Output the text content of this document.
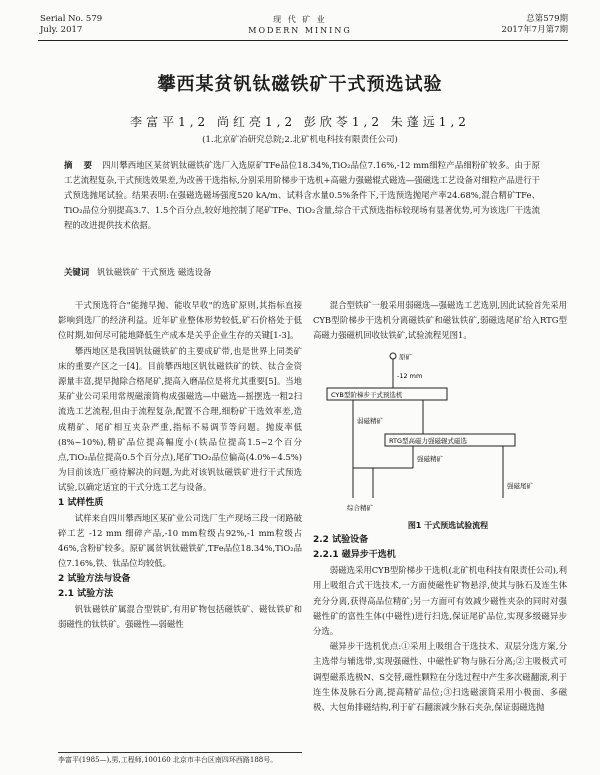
Serial No. 579
July. 2017
现 代 矿 业
MODERN MINING
总第579期
2017年7月第7期
攀西某贫钒钛磁铁矿干式预选试验
李富平1,2 尚红亮1,2 彭欣苓1,2 朱蓬远1,2
(1.北京矿冶研究总院;2.北矿机电科技有限责任公司)
摘 要 四川攀西地区某贫钒钛磁铁矿选厂入选原矿TFe品位18.34%,TiO₂品位7.16%,-12 mm细粒产品细粉矿较多。由于原工艺流程复杂,干式预选效果差,为改善干选指标,分别采用阶梯步干选机+高磁力强磁辊式磁选—强磁选工艺设备对细粒产品进行干式预选抛尾试验。结果表明:在强磁选磁场强度520 kA/m、试料含水量0.5%条件下,干选预选抛尾产率24.68%,混合精矿TFe、TiO₂品位分别提高3.7、1.5个百分点,较好地控制了尾矿TFe、TiO₂含量,综合干式预选指标较现场有显著优势,可为该选厂干选流程的改进提供技术依据。
关键词 钒钛磁铁矿 干式预选 磁选设备

干式预选符合"能抛早抛、能收早收"的选矿原则,其指标直接影响到选厂的经济利益。近年矿业整体形势较低,矿石价格处于低位时期,如何尽可能地降低生产成本是关乎企业生存的关键[1-3]。

攀西地区是我国钒钛磁铁矿的主要成矿带,也是世界上同类矿床的重要产区之一[4]。目前攀西地区钒钛磁铁矿的铁、钛合金资源量丰富,提早抛除合格尾矿,提高入磨品位是将尤其重要[5]。当地某矿业公司采用常规磁滚筒构成强磁选—中磁选—摇摆选一粗2扫流选工艺流程,但由于流程复杂,配置不合理,细粉矿干选效率差,造成精矿、尾矿相互夹杂严重,指标不易调节等问题。抛废率低(8%~10%),精矿品位提高幅度小(铁品位提高1.5~2个百分点,TiO₂品位提高0.5个百分点),尾矿TiO₂品位偏高(4.0%~4.5%)为目前该选厂亟待解决的问题,为此对该钒钛磁铁矿进行干式预选试验,以确定适宜的干式分选工艺与设备。

1 试样性质

试样来自四川攀西地区某矿业公司选厂生产现场三段一闭路破碎工艺 -12 mm 细碎产品,-10 mm粒级占92%,-1 mm粒级占46%,含粉矿较多。原矿属贫钒钛磁铁矿,TFe品位18.34%,TiO₂品位7.16%,铁、钛品位均较低。

2 试验方法与设备

2.1 试验方法

钒钛磁铁矿属混合型铁矿,有用矿物包括磁铁矿、磁钛铁矿和弱磁性的钛铁矿。强磁性—弱磁性

混合型铁矿一般采用弱磁选—强磁选工艺选别,因此试验首先采用CYB型阶梯步干选机分离磁铁矿和磁钛铁矿,弱磁选尾矿给入RTG型高磁力强磁机回收钛铁矿,试验流程见图1。

原矿
-12 mm
CYB型阶梯步干式预选机
RTG型高磁力强磁辊式磁选
弱磁精矿
强磁尾矿
强磁精矿
综合精矿

图1 干式预选试验流程

2.2 试验设备

2.2.1 磁异步干选机

弱磁选采用CYB型阶梯步干选机(北矿机电科技有限责任公司),利用上吸组合式干选技术,一方面使磁性矿物悬浮,使其与脉石及连生体充分分离,获得高品位精矿;另一方面可有效减少磁性夹杂的同时对强磁性矿的富性生体(中磁性)进行扫选,保证尾矿品位,实现多级磁异步分选。

磁异步干选机优点:①采用上吸组合干选技术、双层分选方案,分主选带与辅选带,实现强磁性、中磁性矿物与脉石分离;②主吸极式可调型磁系选极N、S交替,磁性颗粒在分选过程中产生多次磁翻滚,利于连生体及脉石分离,提高精矿品位;③扫选磁滚筒采用小极面、多磁极、大包角排磁结构,利于矿石翻滚减少脉石夹杂,保证弱磁选抛

李富平(1985—),男,工程师,100160 北京市丰台区南四环西路188号。
